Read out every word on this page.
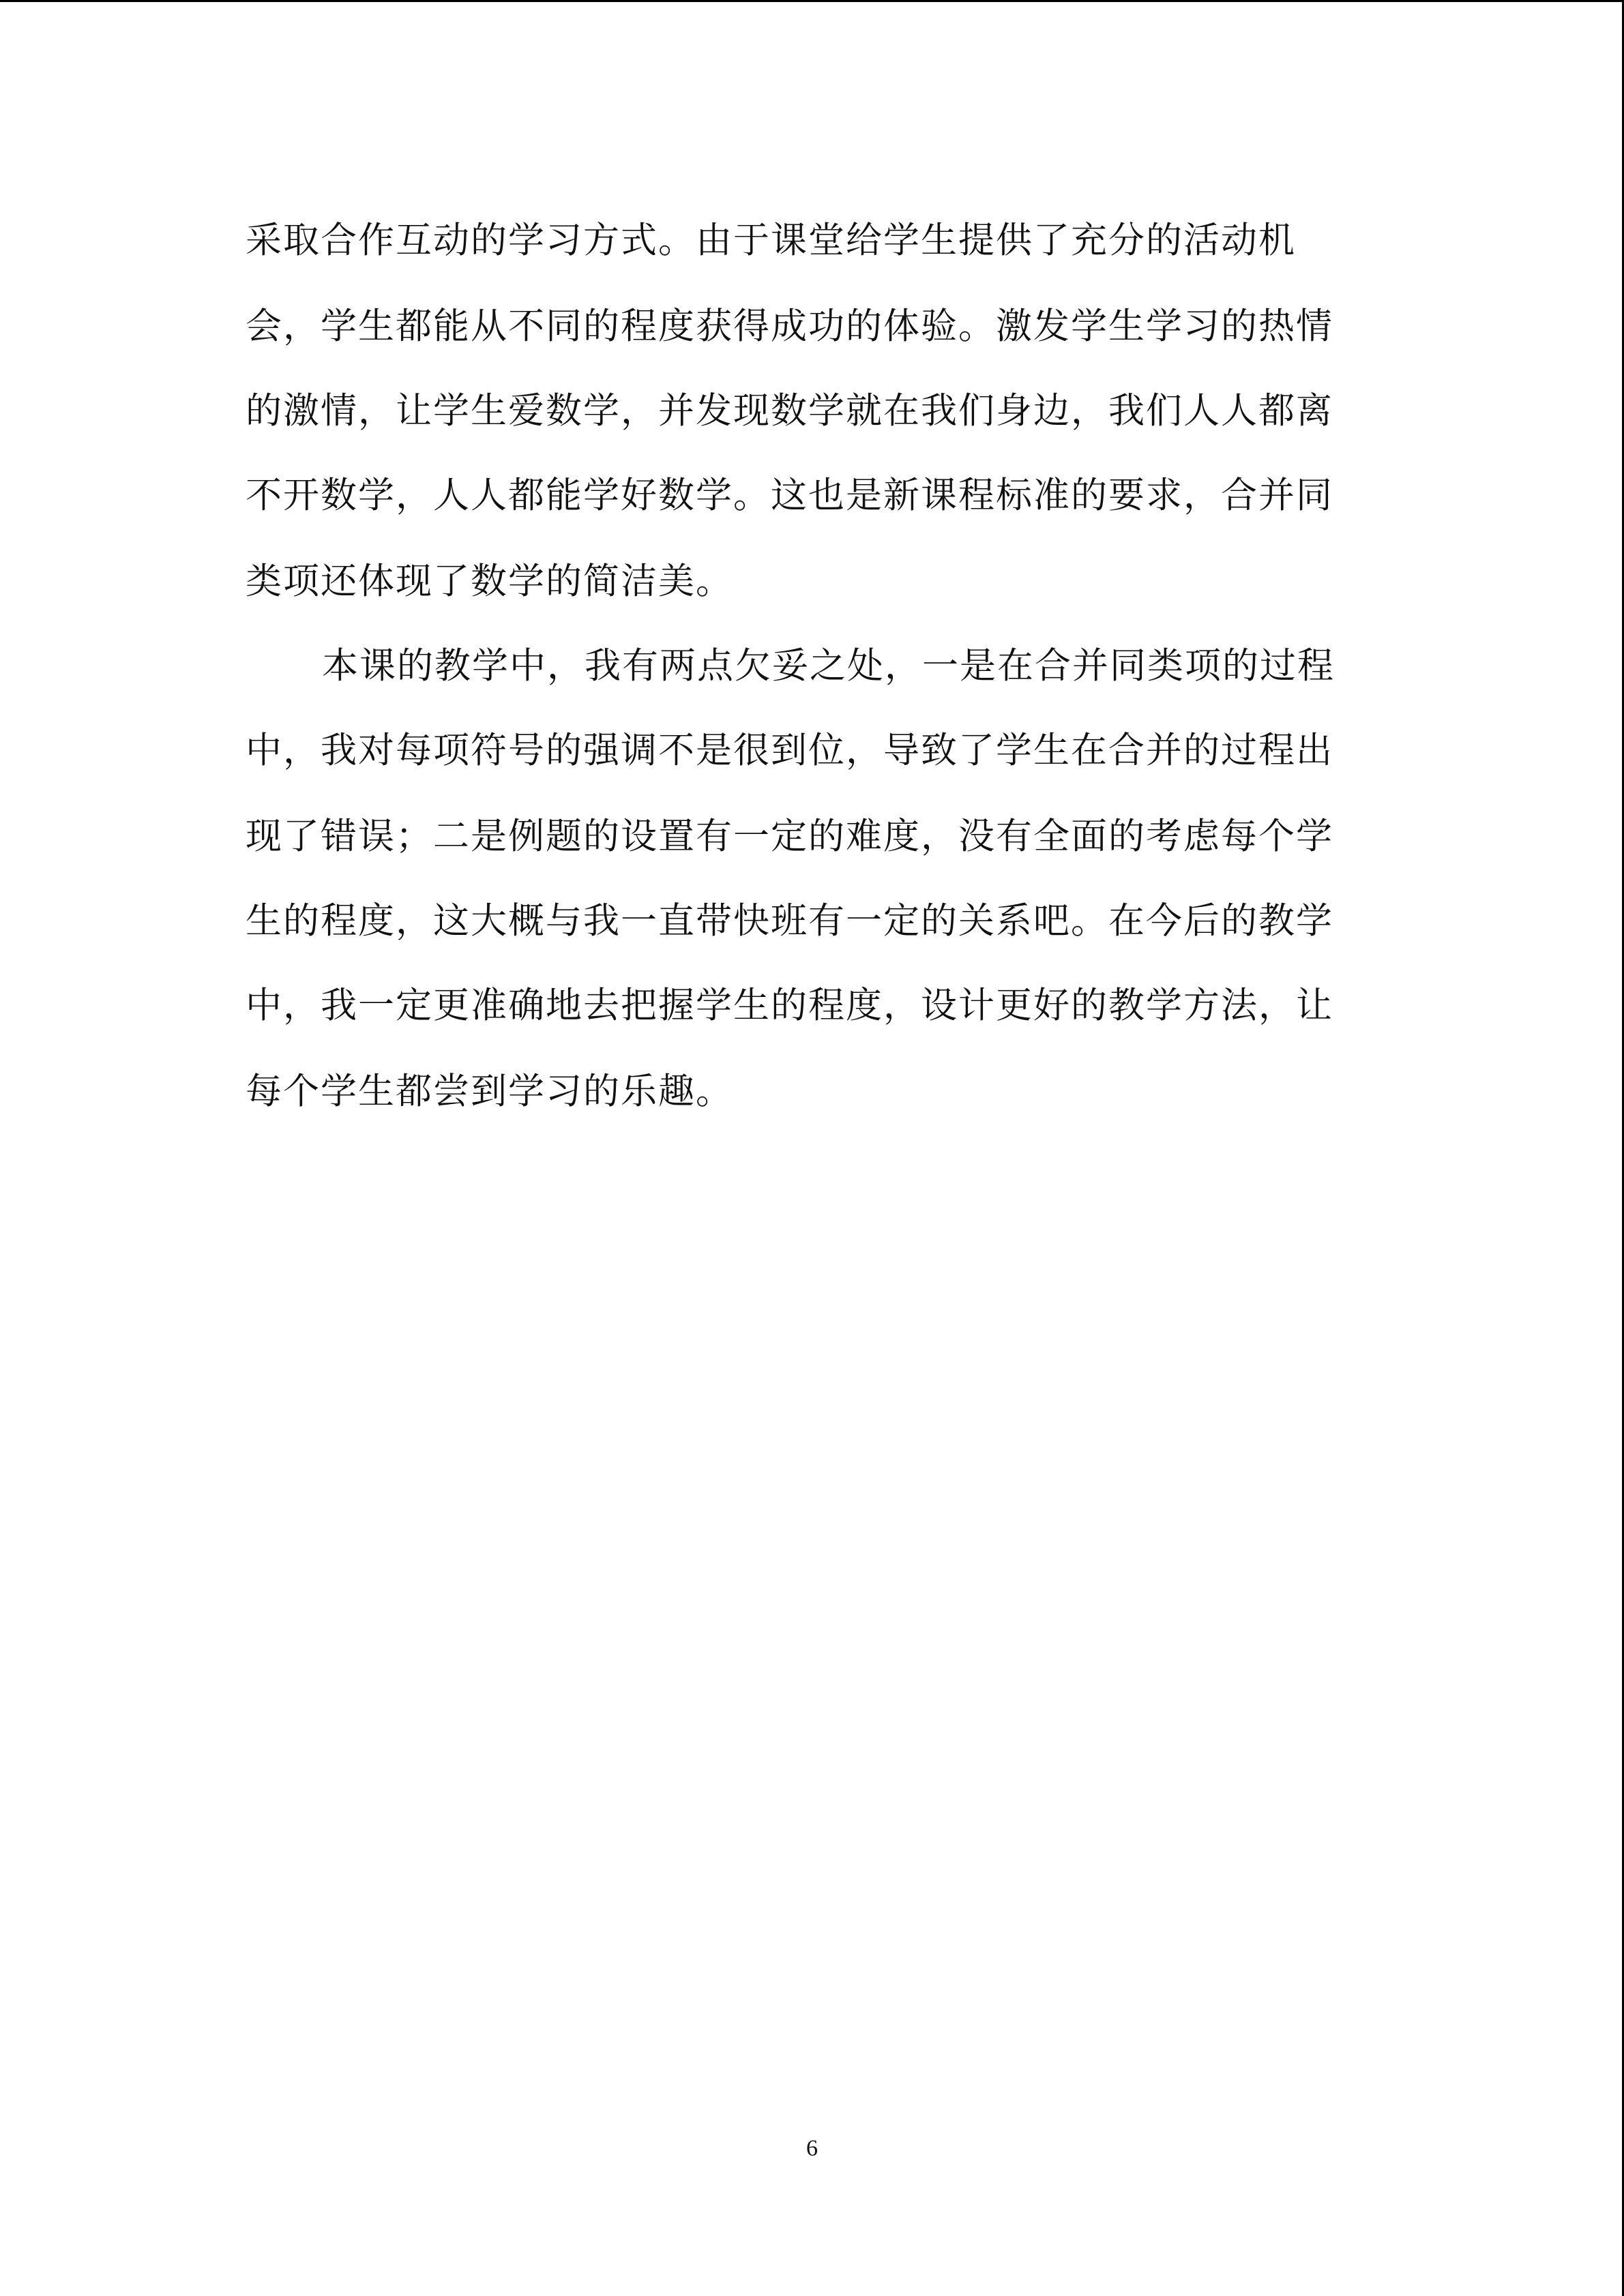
采取合作互动的学习方式。由于课堂给学生提供了充分的活动机
会，学生都能从不同的程度获得成功的体验。激发学生学习的热情
的激情，让学生爱数学，并发现数学就在我们身边，我们人人都离
不开数学，人人都能学好数学。这也是新课程标准的要求，合并同
类项还体现了数学的简洁美。
本课的教学中，我有两点欠妥之处，一是在合并同类项的过程
中，我对每项符号的强调不是很到位，导致了学生在合并的过程出
现了错误；二是例题的设置有一定的难度，没有全面的考虑每个学
生的程度，这大概与我一直带快班有一定的关系吧。在今后的教学
中，我一定更准确地去把握学生的程度，设计更好的教学方法，让
每个学生都尝到学习的乐趣。
6
